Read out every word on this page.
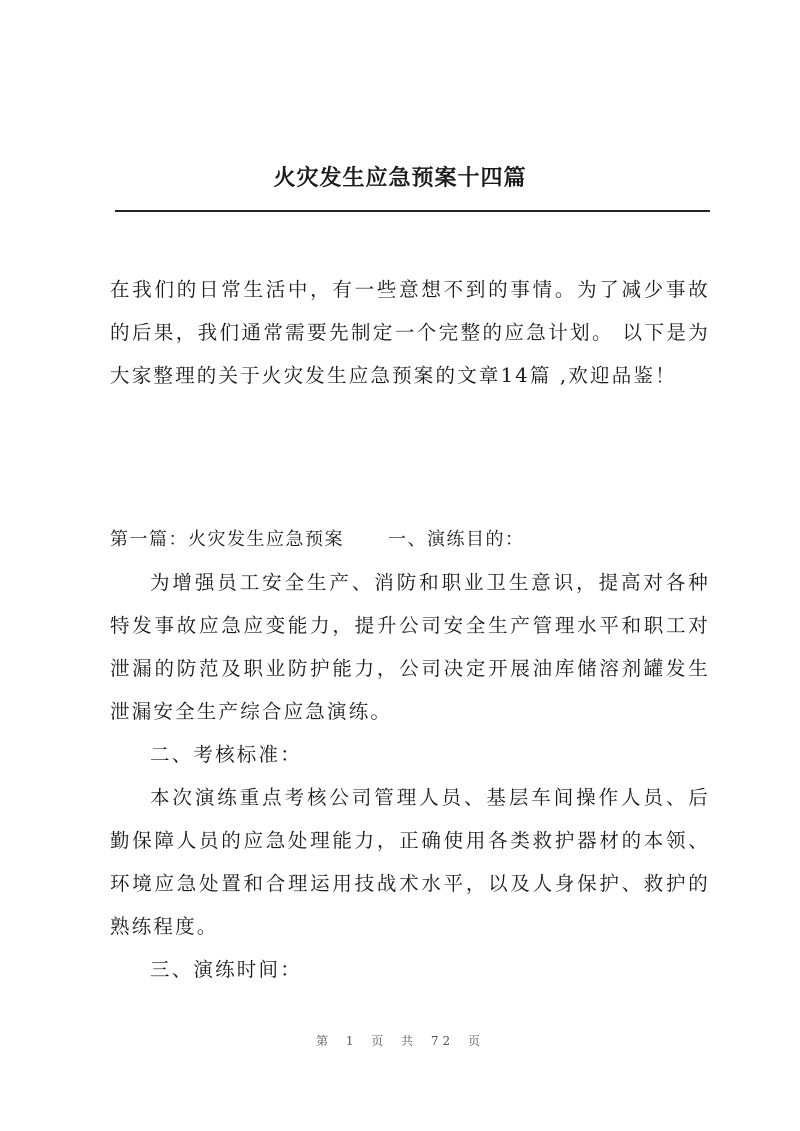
火灾发生应急预案十四篇

在我们的日常生活中，有一些意想不到的事情。为了减少事故的后果，我们通常需要先制定一个完整的应急计划。 以下是为大家整理的关于火灾发生应急预案的文章14篇 ,欢迎品鉴！

第一篇：火灾发生应急预案 一、演练目的：

为增强员工安全生产、消防和职业卫生意识，提高对各种特发事故应急应变能力，提升公司安全生产管理水平和职工对泄漏的防范及职业防护能力，公司决定开展油库储溶剂罐发生泄漏安全生产综合应急演练。

二、考核标准：

本次演练重点考核公司管理人员、基层车间操作人员、后勤保障人员的应急处理能力，正确使用各类救护器材的本领、环境应急处置和合理运用技战术水平，以及人身保护、救护的熟练程度。

三、演练时间：

第 1 页 共 72 页
